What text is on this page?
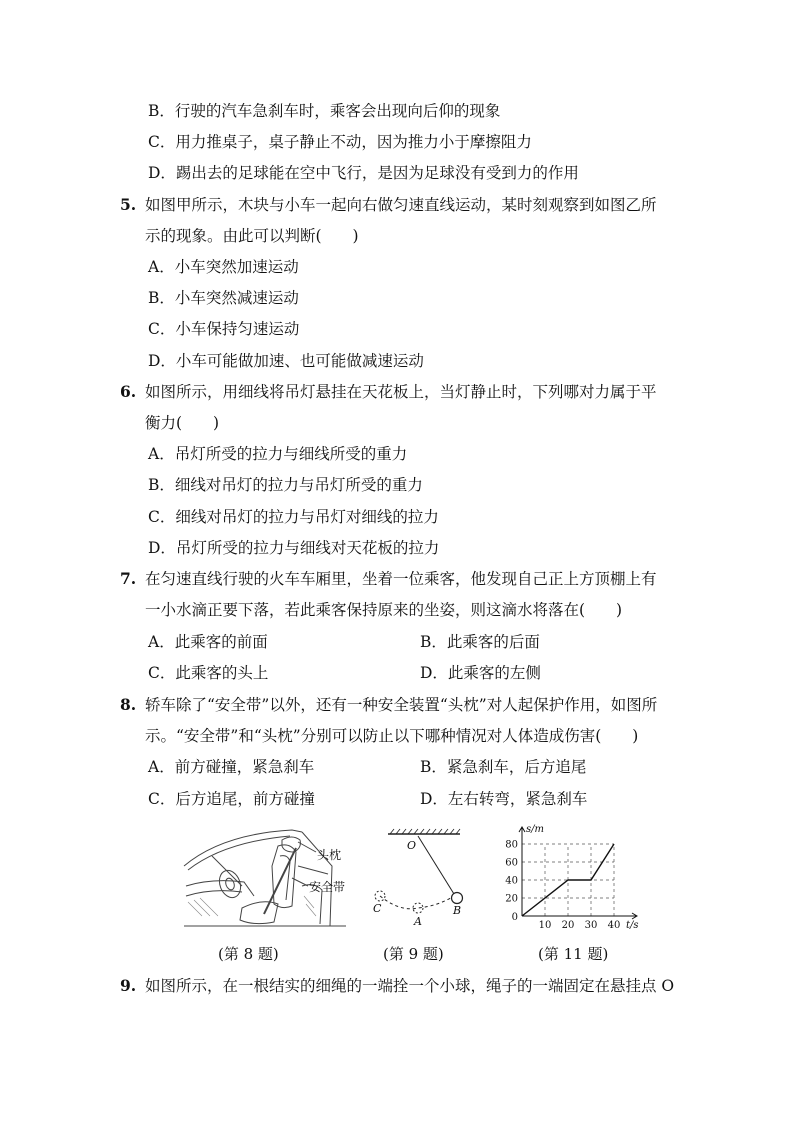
B．行驶的汽车急刹车时，乘客会出现向后仰的现象
C．用力推桌子，桌子静止不动，因为推力小于摩擦阻力
D．踢出去的足球能在空中飞行，是因为足球没有受到力的作用
5. 如图甲所示，木块与小车一起向右做匀速直线运动，某时刻观察到如图乙所
示的现象。由此可以判断(　　)
A．小车突然加速运动
B．小车突然减速运动
C．小车保持匀速运动
D．小车可能做加速、也可能做减速运动
6. 如图所示，用细线将吊灯悬挂在天花板上，当灯静止时，下列哪对力属于平
衡力(　　)
A．吊灯所受的拉力与细线所受的重力
B．细线对吊灯的拉力与吊灯所受的重力
C．细线对吊灯的拉力与吊灯对细线的拉力
D．吊灯所受的拉力与细线对天花板的拉力
7. 在匀速直线行驶的火车车厢里，坐着一位乘客，他发现自己正上方顶棚上有
一小水滴正要下落，若此乘客保持原来的坐姿，则这滴水将落在(　　)
A．此乘客的前面	B．此乘客的后面
C．此乘客的头上	D．此乘客的左侧
8. 轿车除了“安全带”以外，还有一种安全装置“头枕”对人起保护作用，如图所
示。“安全带”和“头枕”分别可以防止以下哪种情况对人体造成伤害(　　)
A．前方碰撞，紧急刹车	B．紧急刹车，后方追尾
C．后方追尾，前方碰撞	D．左右转弯，紧急刹车
头枕
安全带
(第 8 题)
O
A
B
C
(第 9 题)
20
40
60
80
10 20 30 40
0
s/m
t/s
(第 11 题)
9. 如图所示，在一根结实的细绳的一端拴一个小球，绳子的一端固定在悬挂点 O
